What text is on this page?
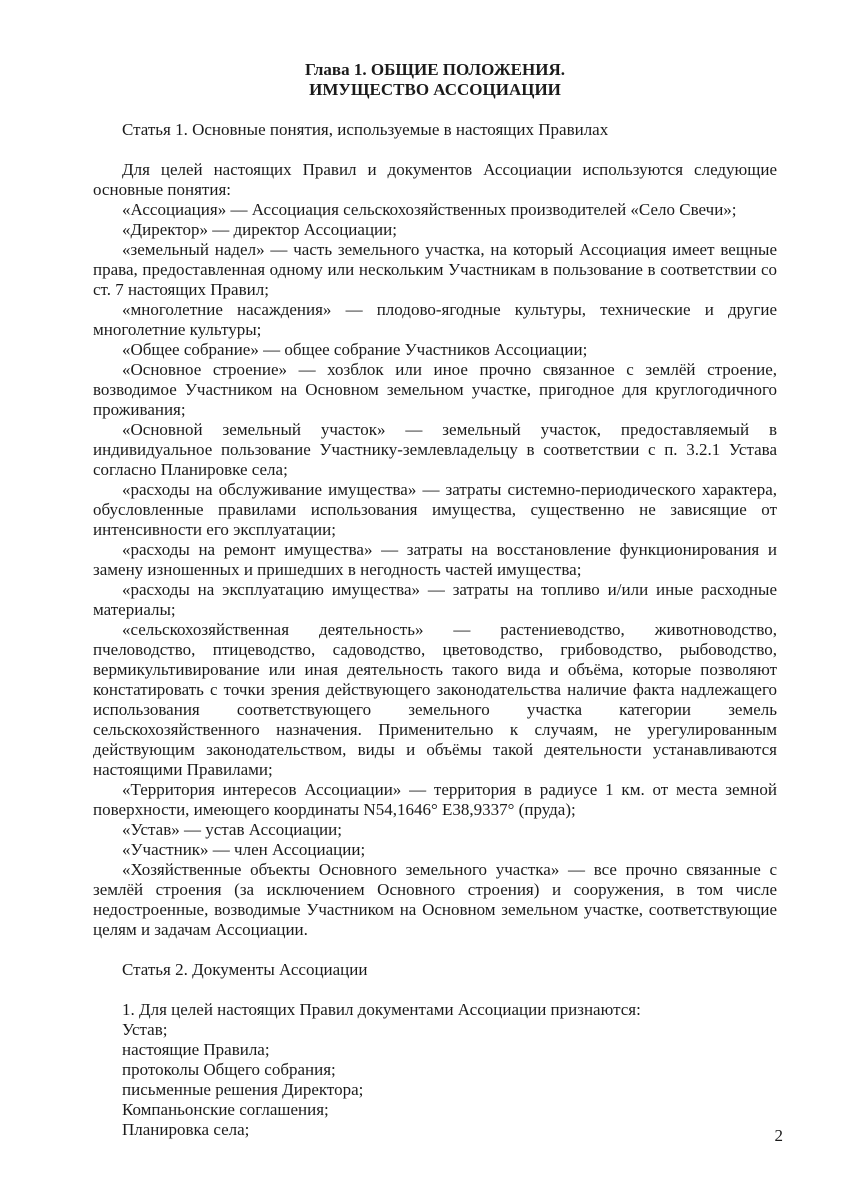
Глава 1. ОБЩИЕ ПОЛОЖЕНИЯ.
ИМУЩЕСТВО АССОЦИАЦИИ

Статья 1. Основные понятия, используемые в настоящих Правилах

Для целей настоящих Правил и документов Ассоциации используются следующие основные понятия:

«Ассоциация» — Ассоциация сельскохозяйственных производителей «Село Свечи»;

«Директор» — директор Ассоциации;

«земельный надел» — часть земельного участка, на который Ассоциация имеет вещные права, предоставленная одному или нескольким Участникам в пользование в соответствии со ст. 7 настоящих Правил;

«многолетние насаждения» — плодово-ягодные культуры, технические и другие многолетние культуры;

«Общее собрание» — общее собрание Участников Ассоциации;

«Основное строение» — хозблок или иное прочно связанное с землёй строение, возводимое Участником на Основном земельном участке, пригодное для круглогодичного проживания;

«Основной земельный участок» — земельный участок, предоставляемый в индивидуальное пользование Участнику-землевладельцу в соответствии с п. 3.2.1 Устава согласно Планировке села;

«расходы на обслуживание имущества» — затраты системно-периодического характера, обусловленные правилами использования имущества, существенно не зависящие от интенсивности его эксплуатации;

«расходы на ремонт имущества» — затраты на восстановление функционирования и замену изношенных и пришедших в негодность частей имущества;

«расходы на эксплуатацию имущества» — затраты на топливо и/или иные расходные материалы;

«сельскохозяйственная деятельность» — растениеводство, животноводство, пчеловодство, птицеводство, садоводство, цветоводство, грибоводство, рыбоводство, вермикультивирование или иная деятельность такого вида и объёма, которые позволяют констатировать с точки зрения действующего законодательства наличие факта надлежащего использования соответствующего земельного участка категории земель сельскохозяйственного назначения. Применительно к случаям, не урегулированным действующим законодательством, виды и объёмы такой деятельности устанавливаются настоящими Правилами;

«Территория интересов Ассоциации» — территория в радиусе 1 км. от места земной поверхности, имеющего координаты N54,1646° E38,9337° (пруда);

«Устав» — устав Ассоциации;

«Участник» — член Ассоциации;

«Хозяйственные объекты Основного земельного участка» — все прочно связанные с землёй строения (за исключением Основного строения) и сооружения, в том числе недостроенные, возводимые Участником на Основном земельном участке, соответствующие целям и задачам Ассоциации.

Статья 2. Документы Ассоциации

1. Для целей настоящих Правил документами Ассоциации признаются:

Устав;

настоящие Правила;

протоколы Общего собрания;

письменные решения Директора;

Компаньонские соглашения;

Планировка села;	2
